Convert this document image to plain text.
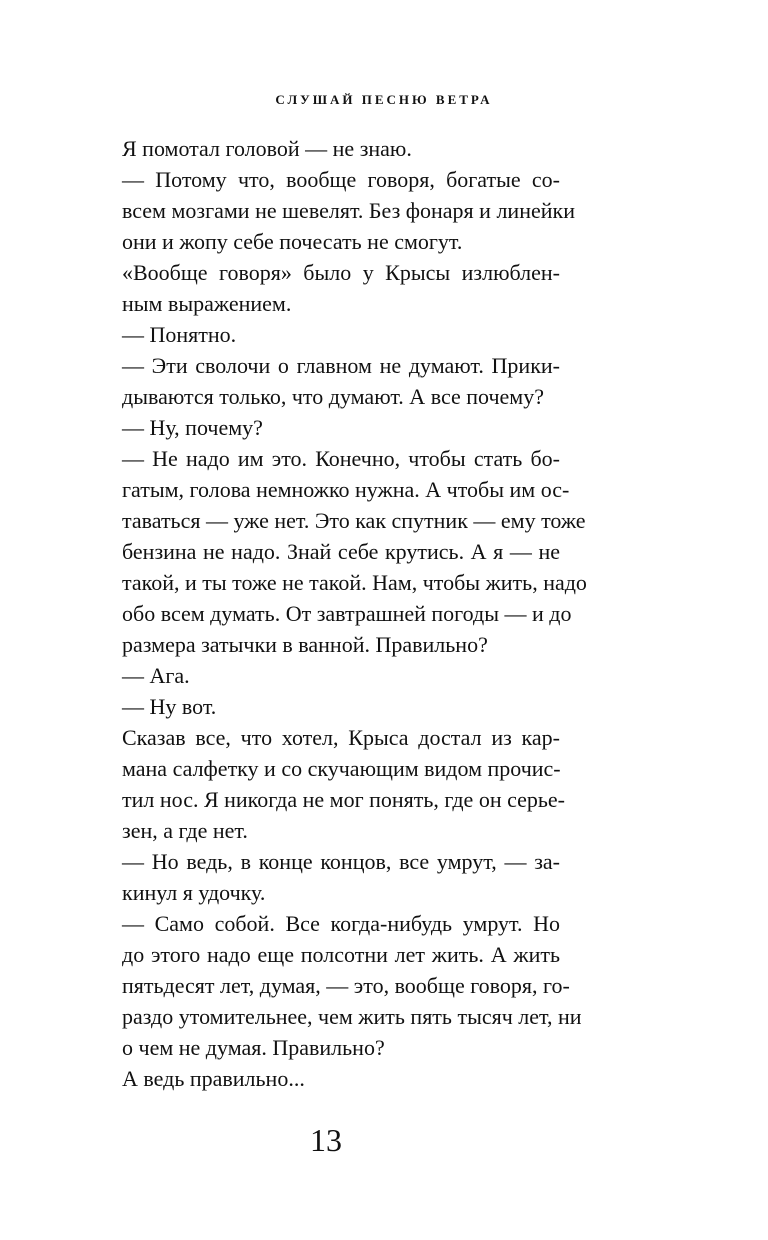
СЛУШАЙ ПЕСНЮ ВЕТРА

Я помотал головой — не знаю.

— Потому что, вообще говоря, богатые со-
всем мозгами не шевелят. Без фонаря и линейки
они и жопу себе почесать не смогут.

«Вообще говоря» было у Крысы излюблен-
ным выражением.

— Понятно.

— Эти сволочи о главном не думают. Прики-
дываются только, что думают. А все почему?

— Ну, почему?

— Не надо им это. Конечно, чтобы стать бо-
гатым, голова немножко нужна. А чтобы им ос-
таваться — уже нет. Это как спутник — ему тоже
бензина не надо. Знай себе крутись. А я — не
такой, и ты тоже не такой. Нам, чтобы жить, надо
обо всем думать. От завтрашней погоды — и до
размера затычки в ванной. Правильно?

— Ага.

— Ну вот.

Сказав все, что хотел, Крыса достал из кар-
мана салфетку и со скучающим видом прочис-
тил нос. Я никогда не мог понять, где он серье-
зен, а где нет.

— Но ведь, в конце концов, все умрут, — за-
кинул я удочку.

— Само собой. Все когда-нибудь умрут. Но
до этого надо еще полсотни лет жить. А жить
пятьдесят лет, думая, — это, вообще говоря, го-
раздо утомительнее, чем жить пять тысяч лет, ни
о чем не думая. Правильно?

А ведь правильно...

13
